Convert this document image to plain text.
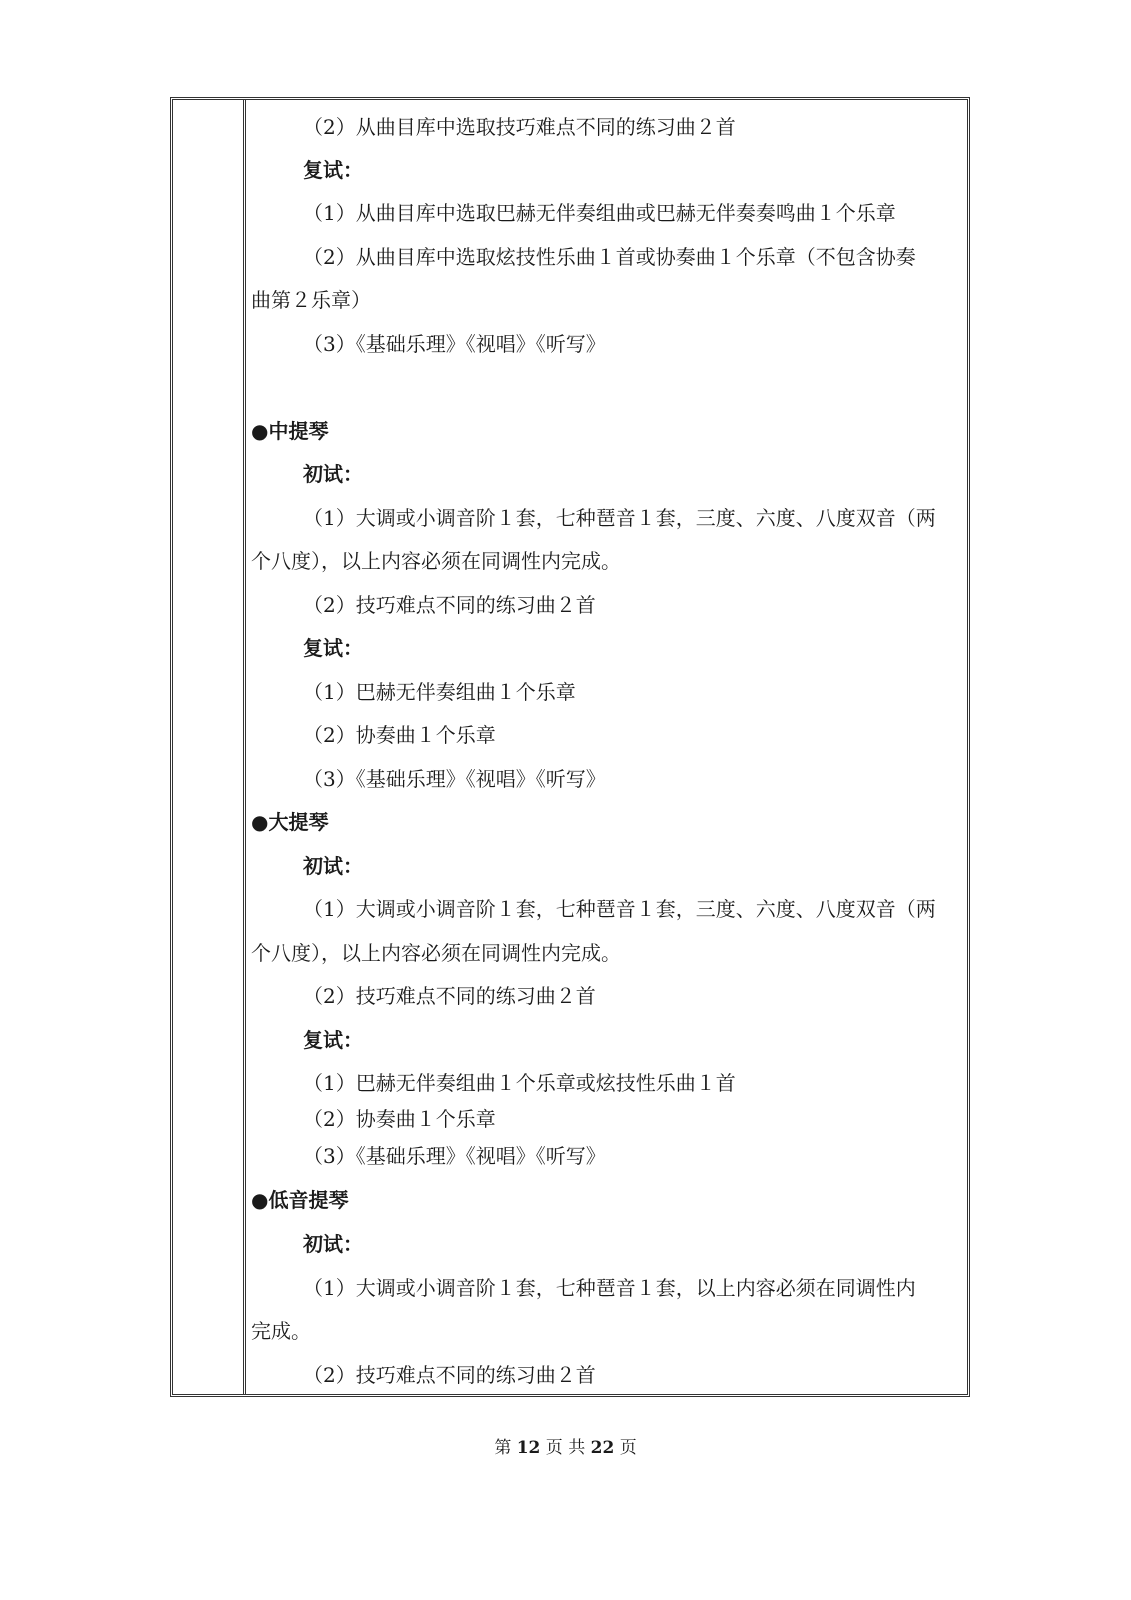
（2）从曲目库中选取技巧难点不同的练习曲２首
复试：
（1）从曲目库中选取巴赫无伴奏组曲或巴赫无伴奏奏鸣曲１个乐章
（2）从曲目库中选取炫技性乐曲１首或协奏曲１个乐章（不包含协奏
曲第２乐章）
（3）《基础乐理》《视唱》《听写》
●中提琴
初试：
（1）大调或小调音阶１套，七种琶音１套，三度、六度、八度双音（两
个八度），以上内容必须在同调性内完成。
（2）技巧难点不同的练习曲２首
复试：
（1）巴赫无伴奏组曲１个乐章
（2）协奏曲１个乐章
（3）《基础乐理》《视唱》《听写》
●大提琴
初试：
（1）大调或小调音阶１套，七种琶音１套，三度、六度、八度双音（两
个八度），以上内容必须在同调性内完成。
（2）技巧难点不同的练习曲２首
复试：
（1）巴赫无伴奏组曲１个乐章或炫技性乐曲１首
（2）协奏曲１个乐章
（3）《基础乐理》《视唱》《听写》
●低音提琴
初试：
（1）大调或小调音阶１套，七种琶音１套，以上内容必须在同调性内
完成。
（2）技巧难点不同的练习曲２首
第 12 页 共 22 页
